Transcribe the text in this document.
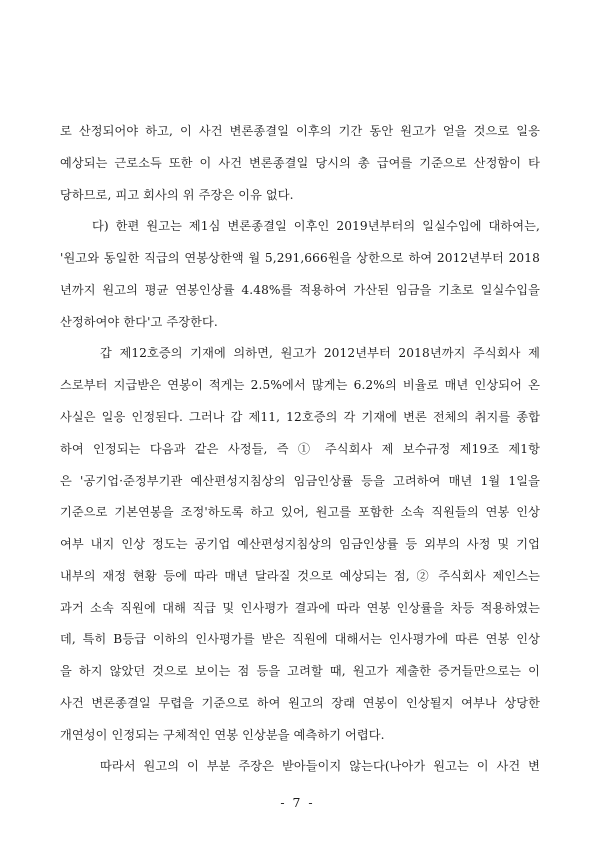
로 산정되어야 하고, 이 사건 변론종결일 이후의 기간 동안 원고가 얻을 것으로 일응
예상되는 근로소득 또한 이 사건 변론종결일 당시의 총 급여를 기준으로 산정함이 타
당하므로, 피고 회사의 위 주장은 이유 없다.
다) 한편 원고는 제1심 변론종결일 이후인 2019년부터의 일실수입에 대하여는,
'원고와 동일한 직급의 연봉상한액 월 5,291,666원을 상한으로 하여 2012년부터 2018
년까지 원고의 평균 연봉인상률 4.48%를 적용하여 가산된 임금을 기초로 일실수입을
산정하여야 한다'고 주장한다.
갑 제12호증의 기재에 의하면, 원고가 2012년부터 2018년까지 주식회사 제
스로부터 지급받은 연봉이 적게는 2.5%에서 많게는 6.2%의 비율로 매년 인상되어 온
사실은 일응 인정된다. 그러나 갑 제11, 12호증의 각 기재에 변론 전체의 취지를 종합
하여 인정되는 다음과 같은 사정들, 즉 ① 주식회사 제 보수규정 제19조 제1항
은 '공기업·준정부기관 예산편성지침상의 임금인상률 등을 고려하여 매년 1월 1일을
기준으로 기본연봉을 조정'하도록 하고 있어, 원고를 포함한 소속 직원들의 연봉 인상
여부 내지 인상 정도는 공기업 예산편성지침상의 임금인상률 등 외부의 사정 및 기업
내부의 재정 현황 등에 따라 매년 달라질 것으로 예상되는 점, ② 주식회사 제인스는
과거 소속 직원에 대해 직급 및 인사평가 결과에 따라 연봉 인상률을 차등 적용하였는
데, 특히 B등급 이하의 인사평가를 받은 직원에 대해서는 인사평가에 따른 연봉 인상
을 하지 않았던 것으로 보이는 점 등을 고려할 때, 원고가 제출한 증거들만으로는 이
사건 변론종결일 무렵을 기준으로 하여 원고의 장래 연봉이 인상될지 여부나 상당한
개연성이 인정되는 구체적인 연봉 인상분을 예측하기 어렵다.
따라서 원고의 이 부분 주장은 받아들이지 않는다(나아가 원고는 이 사건 변
- 7 -
